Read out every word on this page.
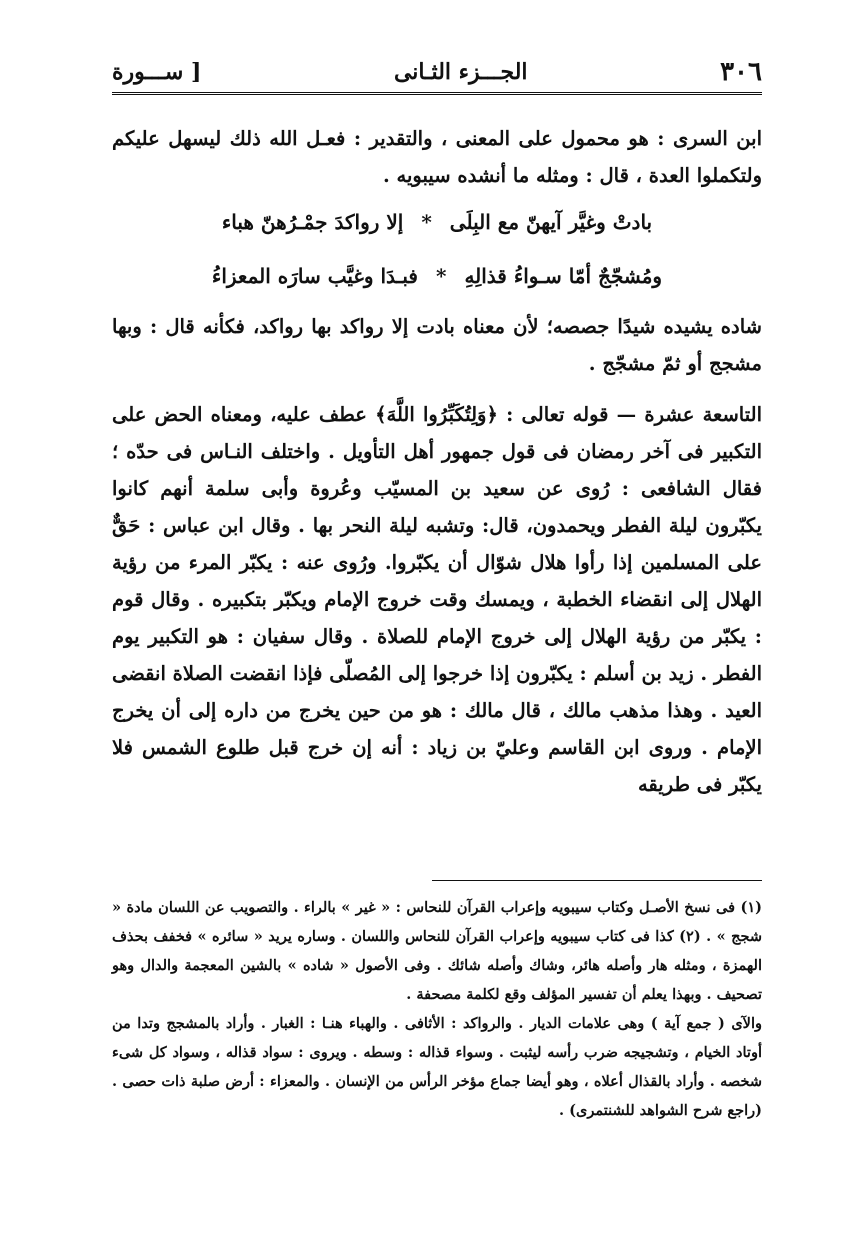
٣٠٦
الجـــزء الثـانى
[ ســـورة

ابن السرى : هو محمول على المعنى ، والتقدير : فعـل الله ذلك ليسهل عليكم ولتكملوا العدة ، قال : ومثله ما أنشده سيبويه .

بادتْ وغيَّر آيهنّ مع البِلَى
*
إلا رواكدَ جمْـرُهنّ هباء
ومُشجّجٌ أمّا سـواءُ قذالِهِ
*
فبـدَا وغيَّب سارَه المعزاءُ

شاده يشيده شيدًا جصصه؛ لأن معناه بادت إلا رواكد بها رواكد، فكأنه قال : وبها مشجج أو ثمّ مشجّج .

التاسعة عشرة — قوله تعالى : ﴿وَلِتُكَبِّرُوا اللَّهَ﴾ عطف عليه، ومعناه الحض على التكبير فى آخر رمضان فى قول جمهور أهل التأويل . واختلف النـاس فى حدّه ؛ فقال الشافعى : رُوى عن سعيد بن المسيّب وعُروة وأبى سلمة أنهم كانوا يكبّرون ليلة الفطر ويحمدون، قال: وتشبه ليلة النحر بها . وقال ابن عباس : حَقٌّ على المسلمين إذا رأوا هلال شوّال أن يكبّروا. ورُوى عنه : يكبّر المرء من رؤية الهلال إلى انقضاء الخطبة ، ويمسك وقت خروج الإمام ويكبّر بتكبيره . وقال قوم : يكبّر من رؤية الهلال إلى خروج الإمام للصلاة . وقال سفيان : هو التكبير يوم الفطر . زيد بن أسلم : يكبّرون إذا خرجوا إلى المُصلّى فإذا انقضت الصلاة انقضى العيد . وهذا مذهب مالك ، قال مالك : هو من حين يخرج من داره إلى أن يخرج الإمام . وروى ابن القاسم وعليّ بن زياد : أنه إن خرج قبل طلوع الشمس فلا يكبّر فى طريقه

(١) فى نسخ الأصـل وكتاب سيبويه وإعراب القرآن للنحاس : « غير » بالراء . والتصويب عن اللسان مادة « شجج » . (٢) كذا فى كتاب سيبويه وإعراب القرآن للنحاس واللسان . وساره يريد « سائره » فخفف بحذف الهمزة ، ومثله هار وأصله هائر، وشاك وأصله شائك . وفى الأصول « شاده » بالشين المعجمة والدال وهو تصحيف . وبهذا يعلم أن تفسير المؤلف وقع لكلمة مصحفة .

والآى ( جمع آية ) وهى علامات الديار . والرواكد : الأثافى . والهباء هنـا : الغبار . وأراد بالمشجج وتدا من أوتاد الخيام ، وتشجيجه ضرب رأسه ليثبت . وسواء قذاله : وسطه . ويروى : سواد قذاله ، وسواد كل شىء شخصه . وأراد بالقذال أعلاه ، وهو أيضا جماع مؤخر الرأس من الإنسان . والمعزاء : أرض صلبة ذات حصى . (راجع شرح الشواهد للشنتمرى) .
